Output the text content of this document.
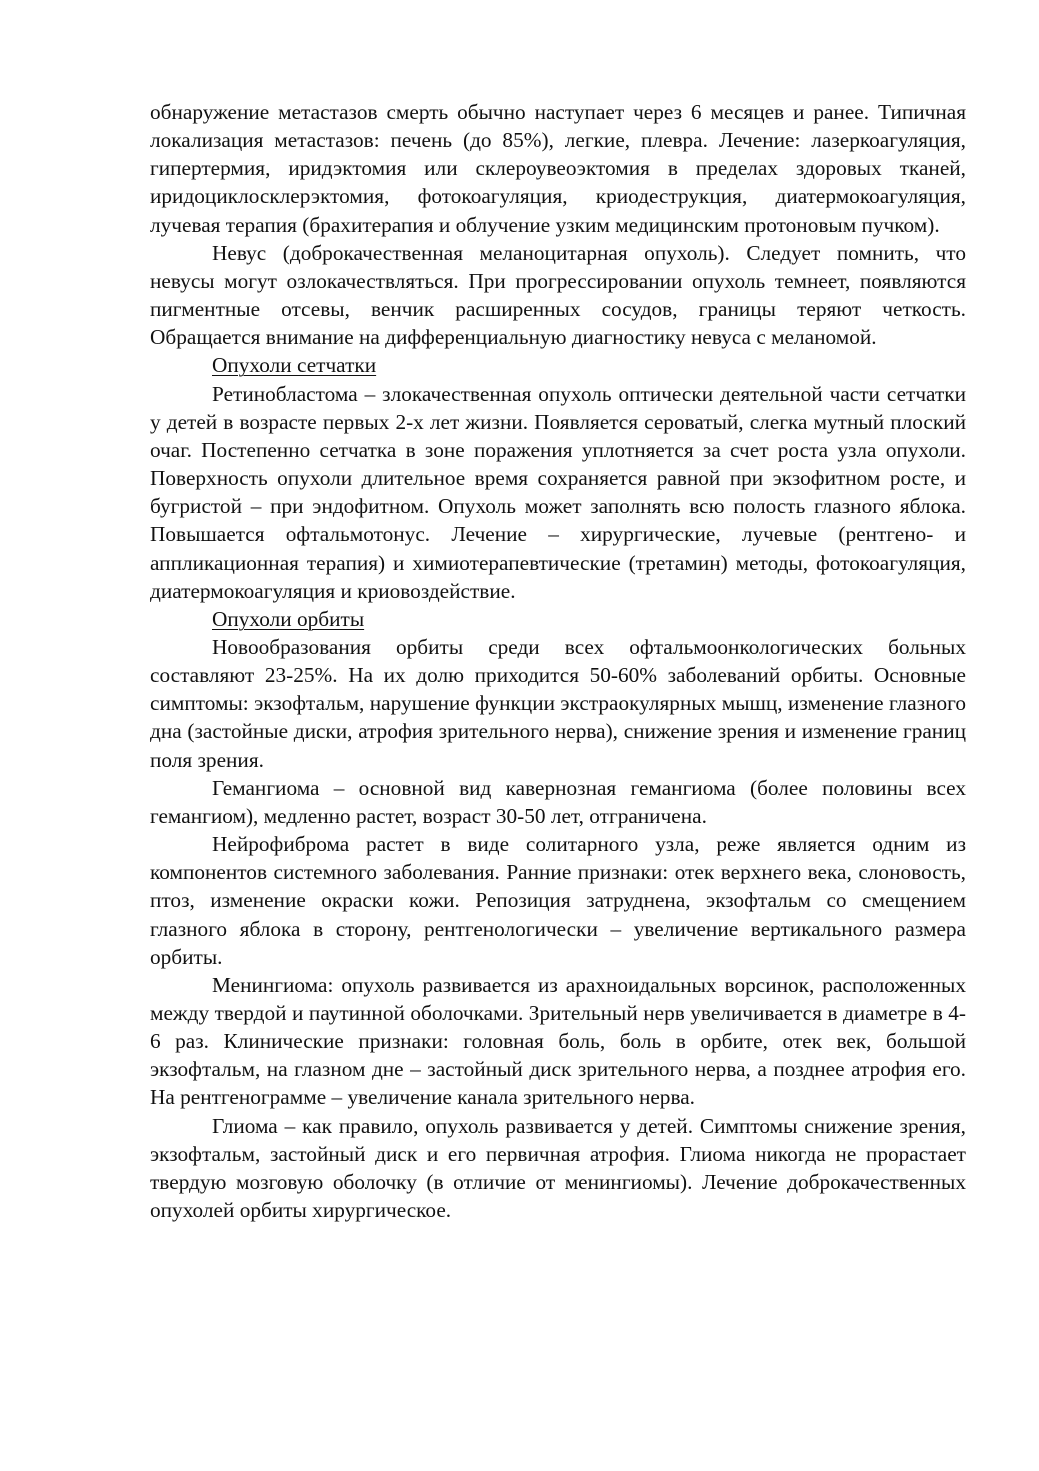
обнаружение метастазов смерть обычно наступает через 6 месяцев и ранее. Типичная локализация метастазов: печень (до 85%), легкие, плевра. Лечение: лазеркоагуляция, гипертермия, иридэктомия или склероувеоэктомия в пределах здоровых тканей, иридоциклосклерэктомия, фотокоагуляция, криодеструкция, диатермокоагуляция, лучевая терапия (брахитерапия и облучение узким медицинским протоновым пучком).

Невус (доброкачественная меланоцитарная опухоль). Следует помнить, что невусы могут озлокачествляться. При прогрессировании опухоль темнеет, появляются пигментные отсевы, венчик расширенных сосудов, границы теряют четкость. Обращается внимание на дифференциальную диагностику невуса с меланомой.

Опухоли сетчатки

Ретинобластома – злокачественная опухоль оптически деятельной части сетчатки у детей в возрасте первых 2-х лет жизни. Появляется сероватый, слегка мутный плоский очаг. Постепенно сетчатка в зоне поражения уплотняется за счет роста узла опухоли. Поверхность опухоли длительное время сохраняется равной при экзофитном росте, и бугристой – при эндофитном. Опухоль может заполнять всю полость глазного яблока. Повышается офтальмотонус. Лечение – хирургические, лучевые (рентгено- и аппликационная терапия) и химиотерапевтические (третамин) методы, фотокоагуляция, диатермокоагуляция и криовоздействие.

Опухоли орбиты

Новообразования орбиты среди всех офтальмоонкологических больных составляют 23-25%. На их долю приходится 50-60% заболеваний орбиты. Основные симптомы: экзофтальм, нарушение функции экстраокулярных мышц, изменение глазного дна (застойные диски, атрофия зрительного нерва), снижение зрения и изменение границ поля зрения.

Гемангиома – основной вид кавернозная гемангиома (более половины всех гемангиом), медленно растет, возраст 30-50 лет, отграничена.

Нейрофиброма растет в виде солитарного узла, реже является одним из компонентов системного заболевания. Ранние признаки: отек верхнего века, слоновость, птоз, изменение окраски кожи. Репозиция затруднена, экзофтальм со смещением глазного яблока в сторону, рентгенологически – увеличение вертикального размера орбиты.

Менингиома: опухоль развивается из арахноидальных ворсинок, расположенных между твердой и паутинной оболочками. Зрительный нерв увеличивается в диаметре в 4-6 раз. Клинические признаки: головная боль, боль в орбите, отек век, большой экзофтальм, на глазном дне – застойный диск зрительного нерва, а позднее атрофия его. На рентгенограмме – увеличение канала зрительного нерва.

Глиома – как правило, опухоль развивается у детей. Симптомы снижение зрения, экзофтальм, застойный диск и его первичная атрофия. Глиома никогда не прорастает твердую мозговую оболочку (в отличие от менингиомы). Лечение доброкачественных опухолей орбиты хирургическое.
